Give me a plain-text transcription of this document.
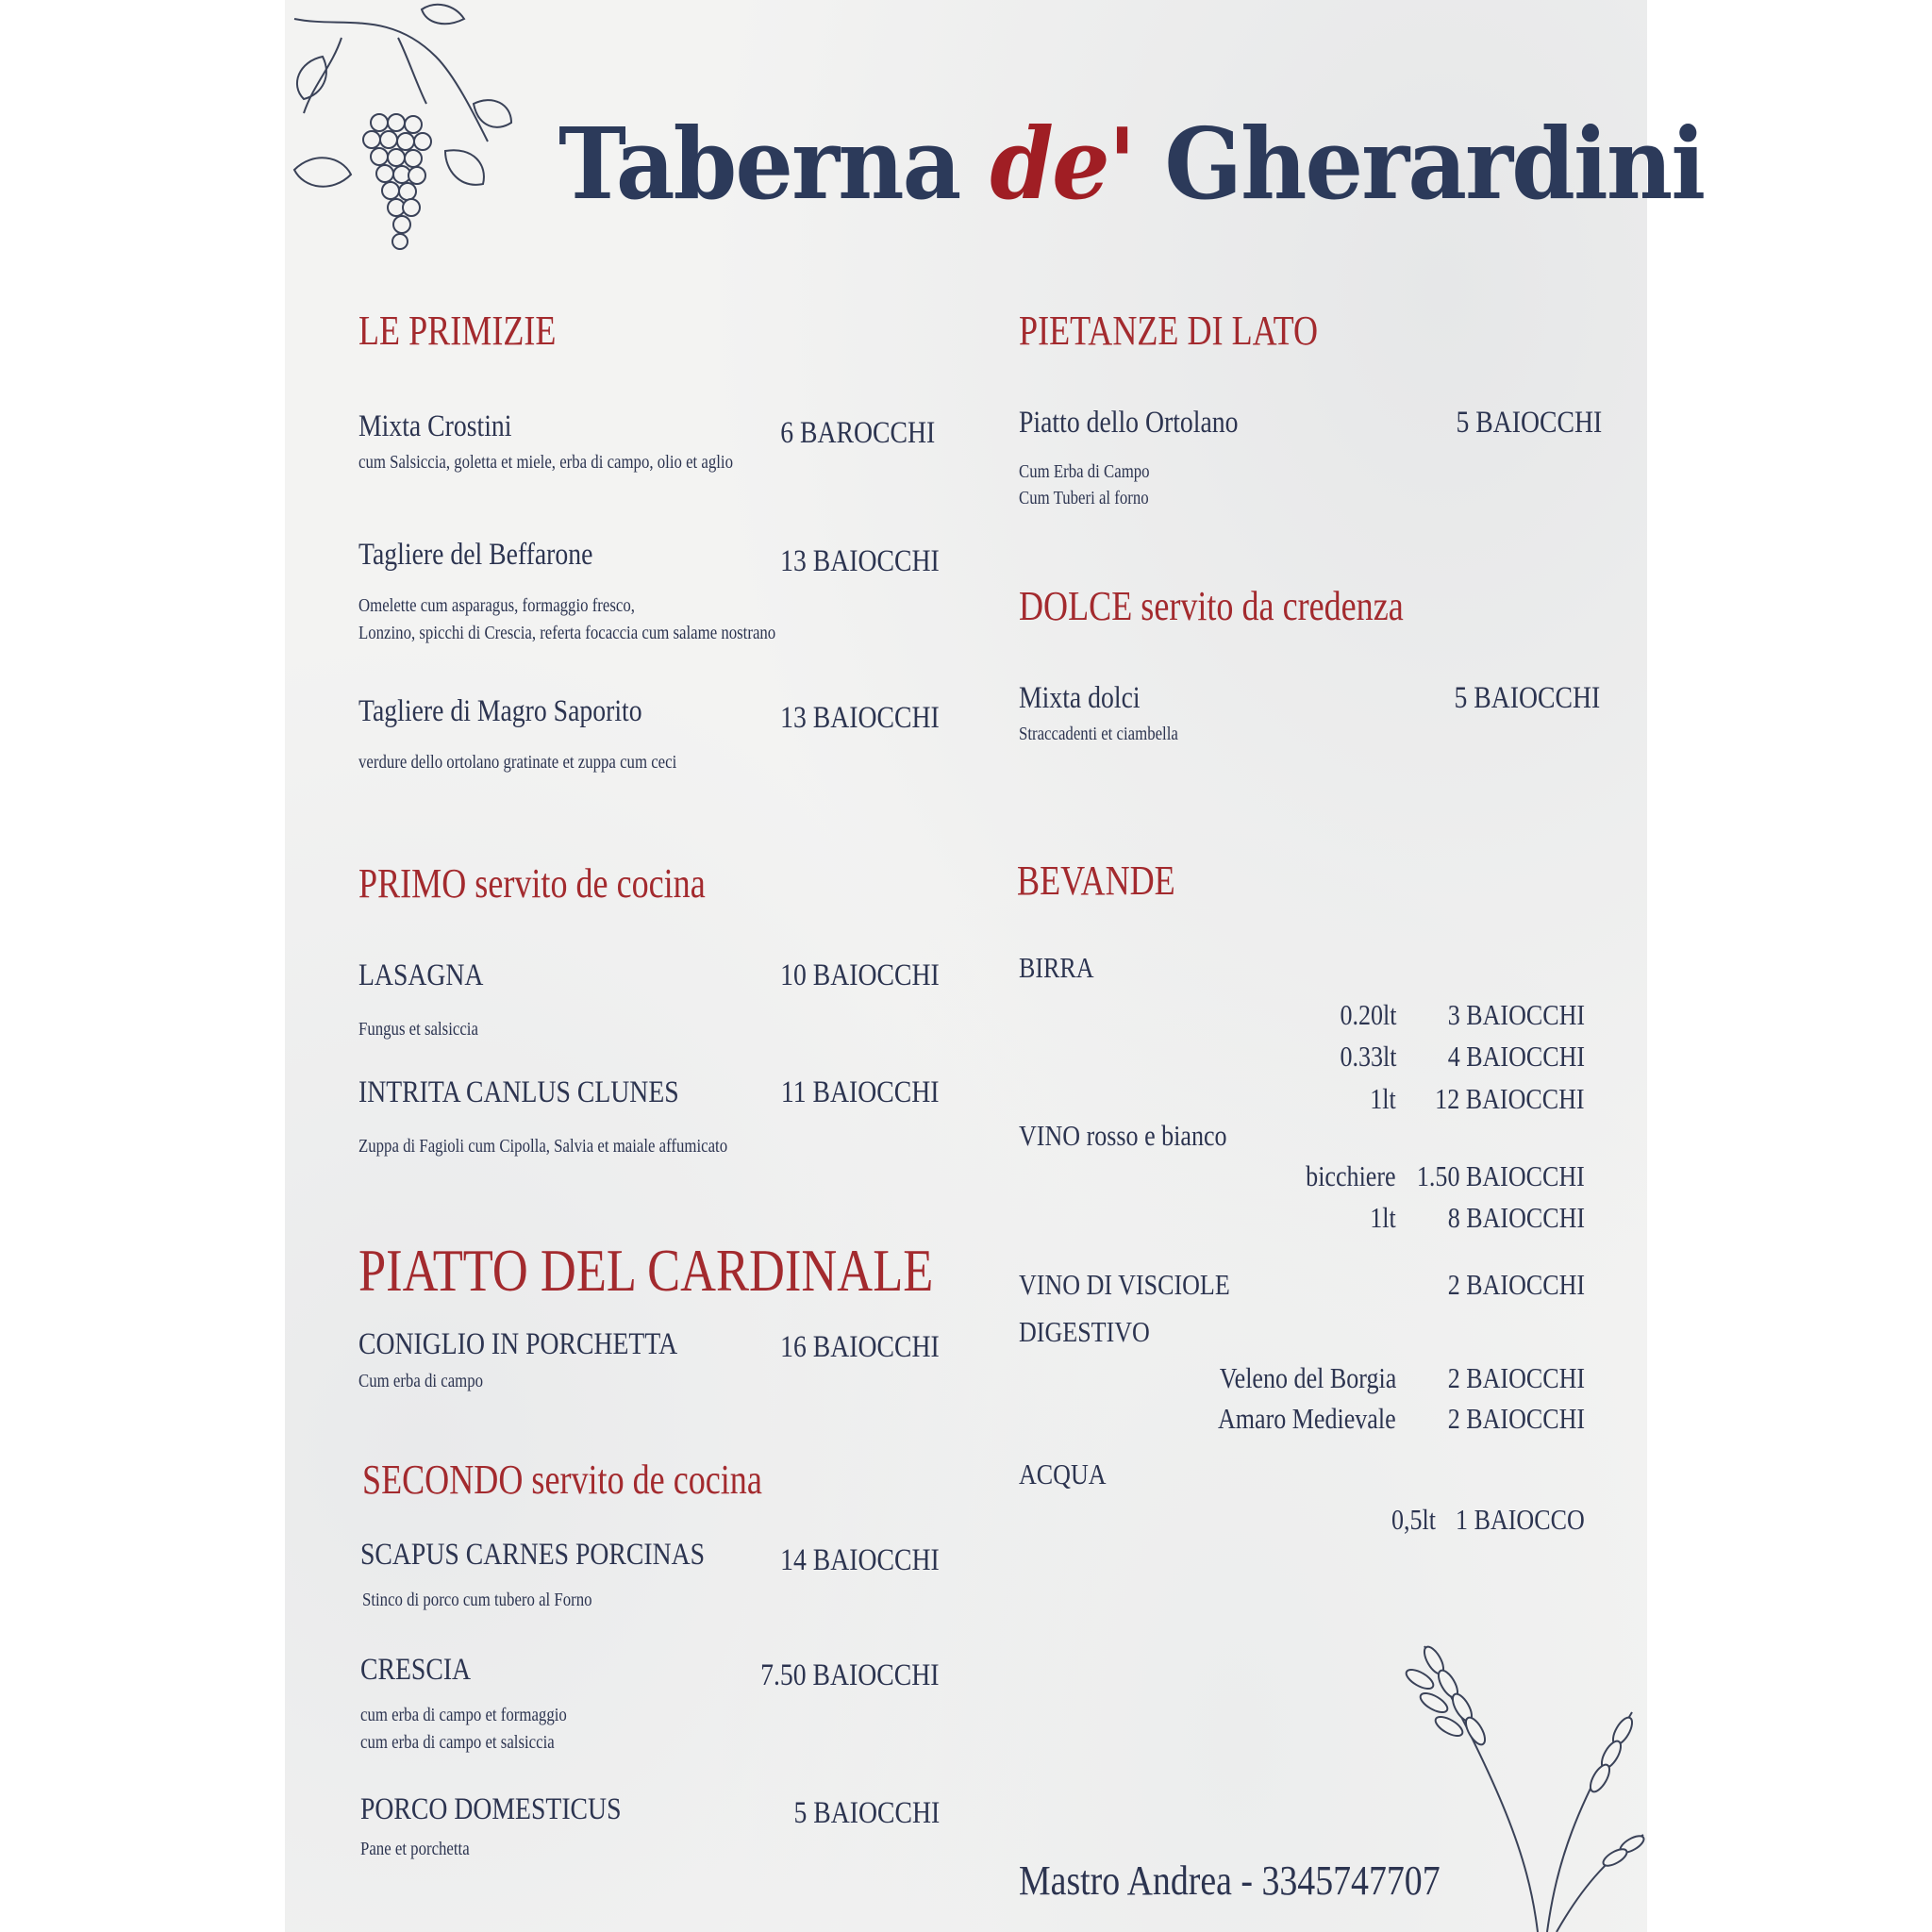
Taberna de' Gherardini
LE PRIMIZIE
Mixta Crostini	6 BAROCCHI
cum Salsiccia, goletta et miele, erba di campo, olio et aglio
Tagliere del Beffarone	13 BAIOCCHI
Omelette cum asparagus, formaggio fresco,
Lonzino, spicchi di Crescia, referta focaccia cum salame nostrano
Tagliere di Magro Saporito	13 BAIOCCHI
verdure dello ortolano gratinate et zuppa cum ceci
PRIMO servito de cocina
LASAGNA	10 BAIOCCHI
Fungus et salsiccia
INTRITA CANLUS CLUNES	11 BAIOCCHI
Zuppa di Fagioli cum Cipolla, Salvia et maiale affumicato
PIATTO DEL CARDINALE
CONIGLIO IN PORCHETTA	16 BAIOCCHI
Cum erba di campo
SECONDO servito de cocina
SCAPUS CARNES PORCINAS 14 BAIOCCHI
Stinco di porco cum tubero al Forno
CRESCIA	7.50 BAIOCCHI
cum erba di campo et formaggio
cum erba di campo et salsiccia
PORCO DOMESTICUS	5 BAIOCCHI
Pane et porchetta
PIETANZE DI LATO
Piatto dello Ortolano	5 BAIOCCHI
Cum Erba di Campo
Cum Tuberi al forno
DOLCE servito da credenza
Mixta dolci	5 BAIOCCHI
Straccadenti et ciambella
BEVANDE
BIRRA
0.20lt 3 BAIOCCHI
0.33lt 4 BAIOCCHI
1lt 12 BAIOCCHI
VINO rosso e bianco
bicchiere 1.50 BAIOCCHI
1lt 8 BAIOCCHI
VINO DI VISCIOLE	2 BAIOCCHI
DIGESTIVO
Veleno del Borgia 2 BAIOCCHI
Amaro Medievale 2 BAIOCCHI
ACQUA
0,5lt 1 BAIOCCO
Mastro Andrea - 3345747707
